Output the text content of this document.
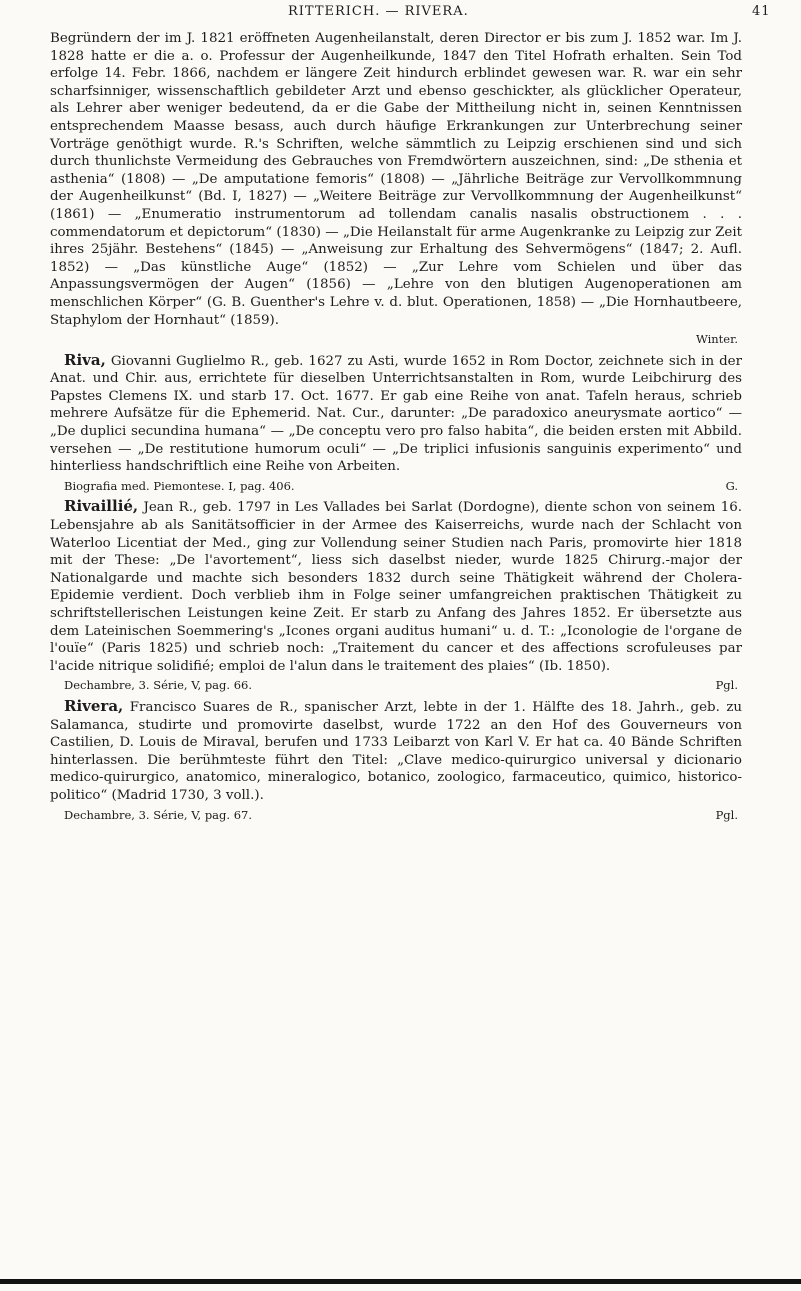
RITTERICH. — RIVERA.	41

Begründern der im J. 1821 eröffneten Augenheilanstalt, deren Director er bis zum J. 1852 war. Im J. 1828 hatte er die a. o. Professur der Augenheilkunde, 1847 den Titel Hofrath erhalten. Sein Tod erfolge 14. Febr. 1866, nachdem er längere Zeit hindurch erblindet gewesen war. R. war ein sehr scharfsinniger, wissenschaftlich gebildeter Arzt und ebenso geschickter, als glücklicher Operateur, als Lehrer aber weniger bedeutend, da er die Gabe der Mittheilung nicht in, seinen Kenntnissen entsprechendem Maasse besass, auch durch häufige Erkrankungen zur Unterbrechung seiner Vorträge genöthigt wurde. R.'s Schriften, welche sämmtlich zu Leipzig erschienen sind und sich durch thunlichste Vermeidung des Gebrauches von Fremdwörtern auszeichnen, sind: „De sthenia et asthenia“ (1808) — „De amputatione femoris“ (1808) — „Jährliche Beiträge zur Vervollkommnung der Augenheilkunst“ (Bd. I, 1827) — „Weitere Beiträge zur Vervollkommnung der Augenheilkunst“ (1861) — „Enumeratio instrumentorum ad tollendam canalis nasalis obstructionem . . . commendatorum et depictorum“ (1830) — „Die Heilanstalt für arme Augenkranke zu Leipzig zur Zeit ihres 25jähr. Bestehens“ (1845) — „Anweisung zur Erhaltung des Sehvermögens“ (1847; 2. Aufl. 1852) — „Das künstliche Auge“ (1852) — „Zur Lehre vom Schielen und über das Anpassungsvermögen der Augen“ (1856) — „Lehre von den blutigen Augenoperationen am menschlichen Körper“ (G. B. Guenther's Lehre v. d. blut. Operationen, 1858) — „Die Hornhautbeere, Staphylom der Hornhaut“ (1859).

Winter.

Riva, Giovanni Guglielmo R., geb. 1627 zu Asti, wurde 1652 in Rom Doctor, zeichnete sich in der Anat. und Chir. aus, errichtete für dieselben Unterrichtsanstalten in Rom, wurde Leibchirurg des Papstes Clemens IX. und starb 17. Oct. 1677. Er gab eine Reihe von anat. Tafeln heraus, schrieb mehrere Aufsätze für die Ephemerid. Nat. Cur., darunter: „De paradoxico aneurysmate aortico“ — „De duplici secundina humana“ — „De conceptu vero pro falso habita“, die beiden ersten mit Abbild. versehen — „De restitutione humorum oculi“ — „De triplici infusionis sanguinis experimento“ und hinterliess handschriftlich eine Reihe von Arbeiten.

Biografia med. Piemontese. I, pag. 406.	G.

Rivaillié, Jean R., geb. 1797 in Les Vallades bei Sarlat (Dordogne), diente schon von seinem 16. Lebensjahre ab als Sanitätsofficier in der Armee des Kaiserreichs, wurde nach der Schlacht von Waterloo Licentiat der Med., ging zur Vollendung seiner Studien nach Paris, promovirte hier 1818 mit der These: „De l'avortement“, liess sich daselbst nieder, wurde 1825 Chirurg.-major der Nationalgarde und machte sich besonders 1832 durch seine Thätigkeit während der Cholera-Epidemie verdient. Doch verblieb ihm in Folge seiner umfangreichen praktischen Thätigkeit zu schriftstellerischen Leistungen keine Zeit. Er starb zu Anfang des Jahres 1852. Er übersetzte aus dem Lateinischen Soemmering's „Icones organi auditus humani“ u. d. T.: „Iconologie de l'organe de l'ouïe“ (Paris 1825) und schrieb noch: „Traitement du cancer et des affections scrofuleuses par l'acide nitrique solidifié; emploi de l'alun dans le traitement des plaies“ (Ib. 1850).

Dechambre, 3. Série, V, pag. 66.	Pgl.

Rivera, Francisco Suares de R., spanischer Arzt, lebte in der 1. Hälfte des 18. Jahrh., geb. zu Salamanca, studirte und promovirte daselbst, wurde 1722 an den Hof des Gouverneurs von Castilien, D. Louis de Miraval, berufen und 1733 Leibarzt von Karl V. Er hat ca. 40 Bände Schriften hinterlassen. Die berühmteste führt den Titel: „Clave medico-quirurgico universal y dicionario medico-quirurgico, anatomico, mineralogico, botanico, zoologico, farmaceutico, quimico, historico-politico“ (Madrid 1730, 3 voll.).

Dechambre, 3. Série, V, pag. 67.	Pgl.
